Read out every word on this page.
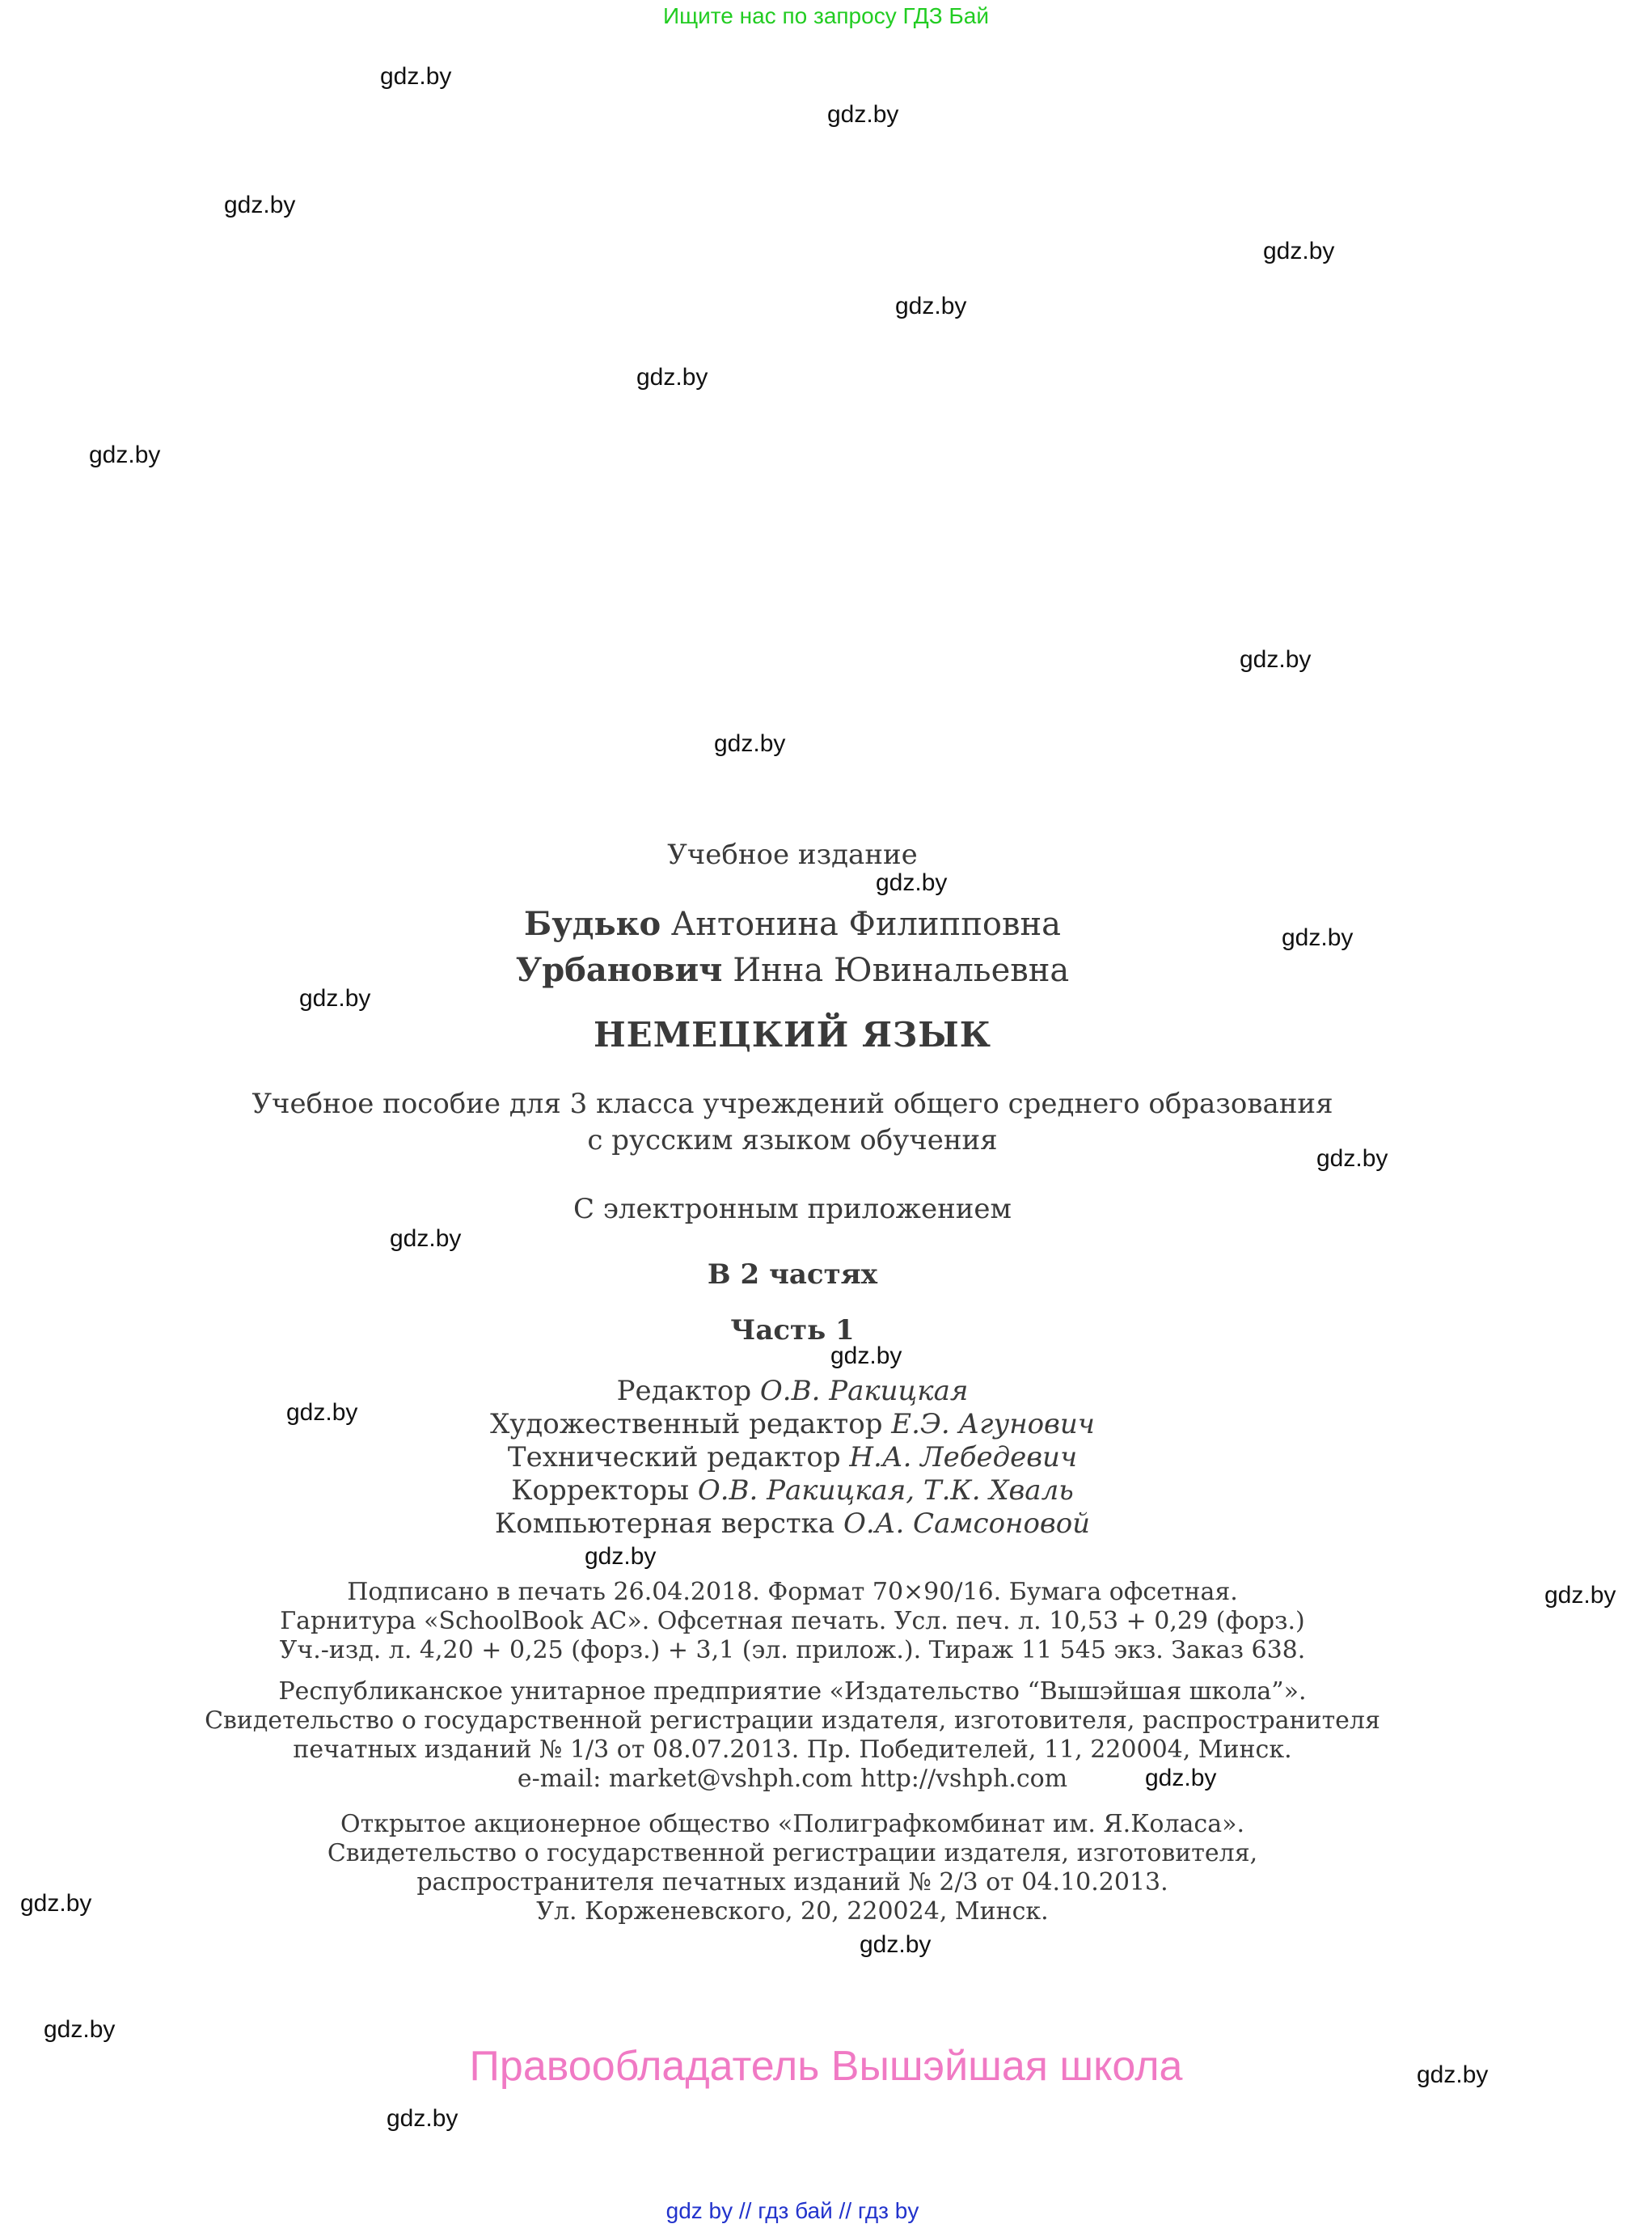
Ищите нас по запросу ГДЗ Бай
gdz.by
gdz.by
gdz.by
gdz.by
gdz.by
gdz.by
gdz.by
gdz.by
gdz.by
gdz.by
gdz.by
gdz.by
gdz.by
gdz.by
gdz.by
gdz.by
gdz.by
gdz.by
gdz.by
gdz.by
gdz.by
gdz.by
gdz.by
gdz.by
Учебное издание
Будько Антонина Филипповна
Урбанович Инна Ювинальевна
НЕМЕЦКИЙ ЯЗЫК
Учебное пособие для 3 класса учреждений общего среднего образования
с русским языком обучения
С электронным приложением
В 2 частях
Часть 1
Редактор О.В. Ракицкая
Художественный редактор Е.Э. Агунович
Технический редактор Н.А. Лебедевич
Корректоры О.В. Ракицкая, Т.К. Хваль
Компьютерная верстка О.А. Самсоновой
Подписано в печать 26.04.2018. Формат 70×90/16. Бумага офсетная.
Гарнитура «SchoolBook AC». Офсетная печать. Усл. печ. л. 10,53 + 0,29 (форз.)
Уч.-изд. л. 4,20 + 0,25 (форз.) + 3,1 (эл. прилож.). Тираж 11 545 экз. Заказ 638.
Республиканское унитарное предприятие «Издательство “Вышэйшая школа”».
Свидетельство о государственной регистрации издателя, изготовителя, распространителя
печатных изданий № 1/3 от 08.07.2013. Пр. Победителей, 11, 220004, Минск.
e-mail: market@vshph.com http://vshph.com
Открытое акционерное общество «Полиграфкомбинат им. Я.Коласа».
Свидетельство о государственной регистрации издателя, изготовителя,
распространителя печатных изданий № 2/3 от 04.10.2013.
Ул. Корженевского, 20, 220024, Минск.
Правообладатель Вышэйшая школа
gdz by // гдз бай // гдз by
